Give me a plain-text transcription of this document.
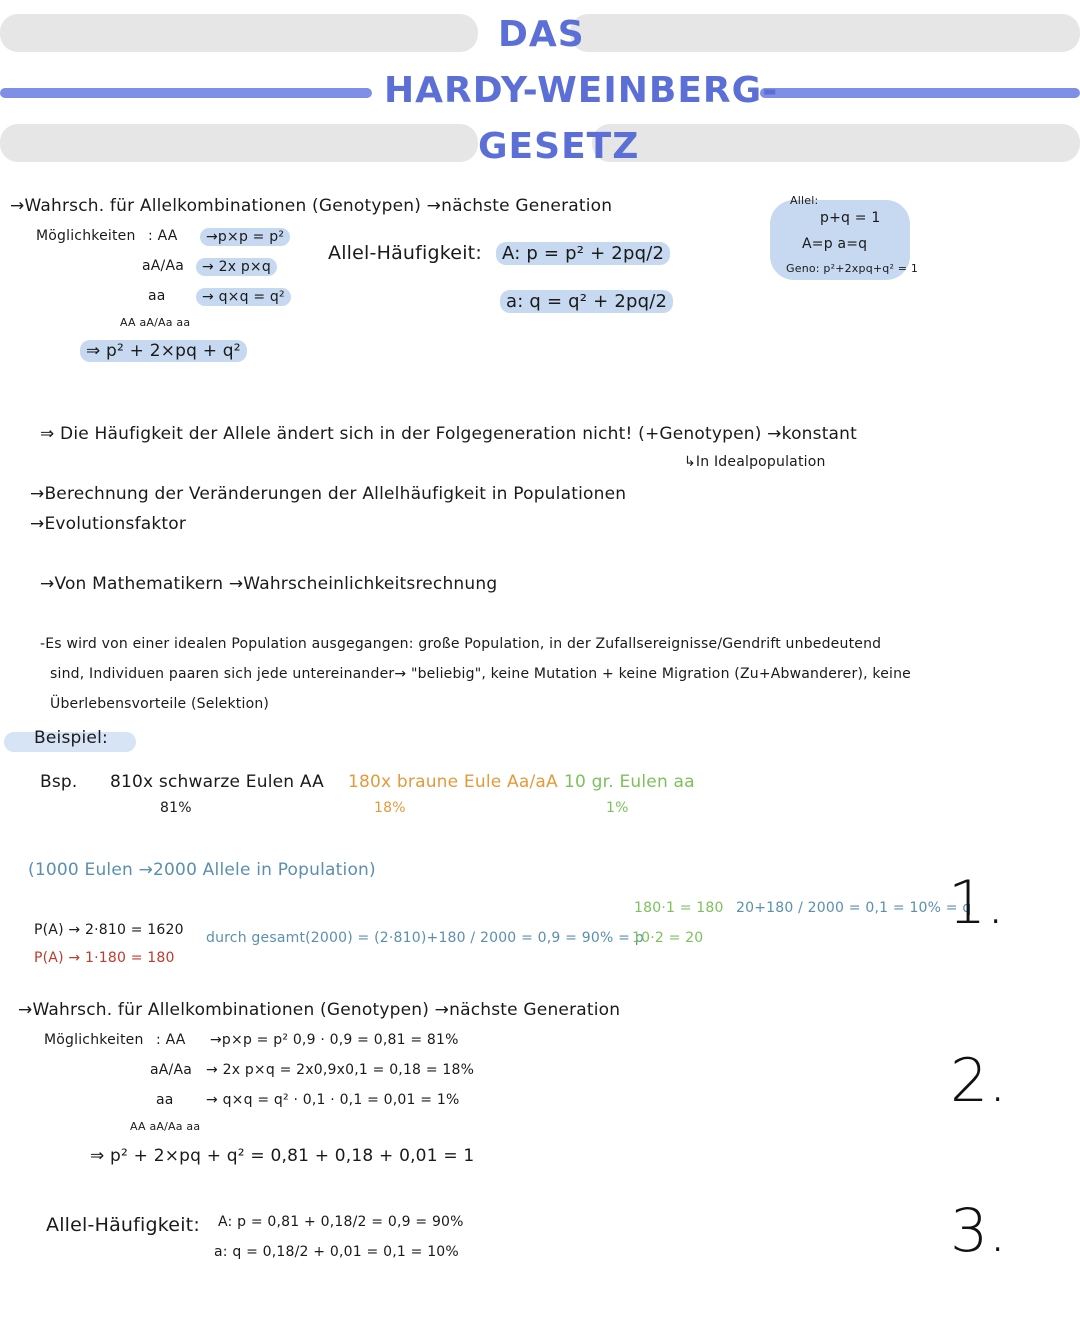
DAS
HARDY-WEINBERG-
GESETZ
→Wahrsch. für Allelkombinationen (Genotypen) →nächste Generation
Möglichkeiten : AA	→p×p = p²
aA/Aa	→ 2x p×q
aa	→ q×q = q²
AA aA/Aa aa
⇒ p² + 2×pq + q²
Allel-Häufigkeit:	A: p = p² + 2pq/2
a: q = q² + 2pq/2
Allel:
p+q = 1
A=p a=q
Geno: p²+2xpq+q² = 1
⇒ Die Häufigkeit der Allele ändert sich in der Folgegeneration nicht! (+Genotypen) →konstant
↳In Idealpopulation
→Berechnung der Veränderungen der Allelhäufigkeit in Populationen
→Evolutionsfaktor
→Von Mathematikern →Wahrscheinlichkeitsrechnung
-Es wird von einer idealen Population ausgegangen: große Population, in der Zufallsereignisse/Gendrift unbedeutend
sind, Individuen paaren sich jede untereinander→ "beliebig", keine Mutation + keine Migration (Zu+Abwanderer), keine
Überlebensvorteile (Selektion)
Beispiel:
Bsp. 810x schwarze Eulen AA
81%
180x braune Eule Aa/aA
18%
10 gr. Eulen aa
1%
(1000 Eulen →2000 Allele in Population)
P(A) → 2·810 = 1620
P(A) → 1·180 = 180
durch gesamt(2000) = (2·810)+180 / 2000 = 0,9 = 90% = p
180·1 = 180
10·2 = 20
20+180 / 2000 = 0,1 = 10% = q
→Wahrsch. für Allelkombinationen (Genotypen) →nächste Generation
Möglichkeiten : AA →p×p = p² 0,9 · 0,9 = 0,81 = 81%
aA/Aa → 2x p×q = 2x0,9x0,1 = 0,18 = 18%
aa → q×q = q² · 0,1 · 0,1 = 0,01 = 1%
AA aA/Aa aa
⇒ p² + 2×pq + q² = 0,81 + 0,18 + 0,01 = 1
Allel-Häufigkeit: A: p = 0,81 + 0,18/2 = 0,9 = 90%
a: q = 0,18/2 + 0,01 = 0,1 = 10%
1.
2.
3.
